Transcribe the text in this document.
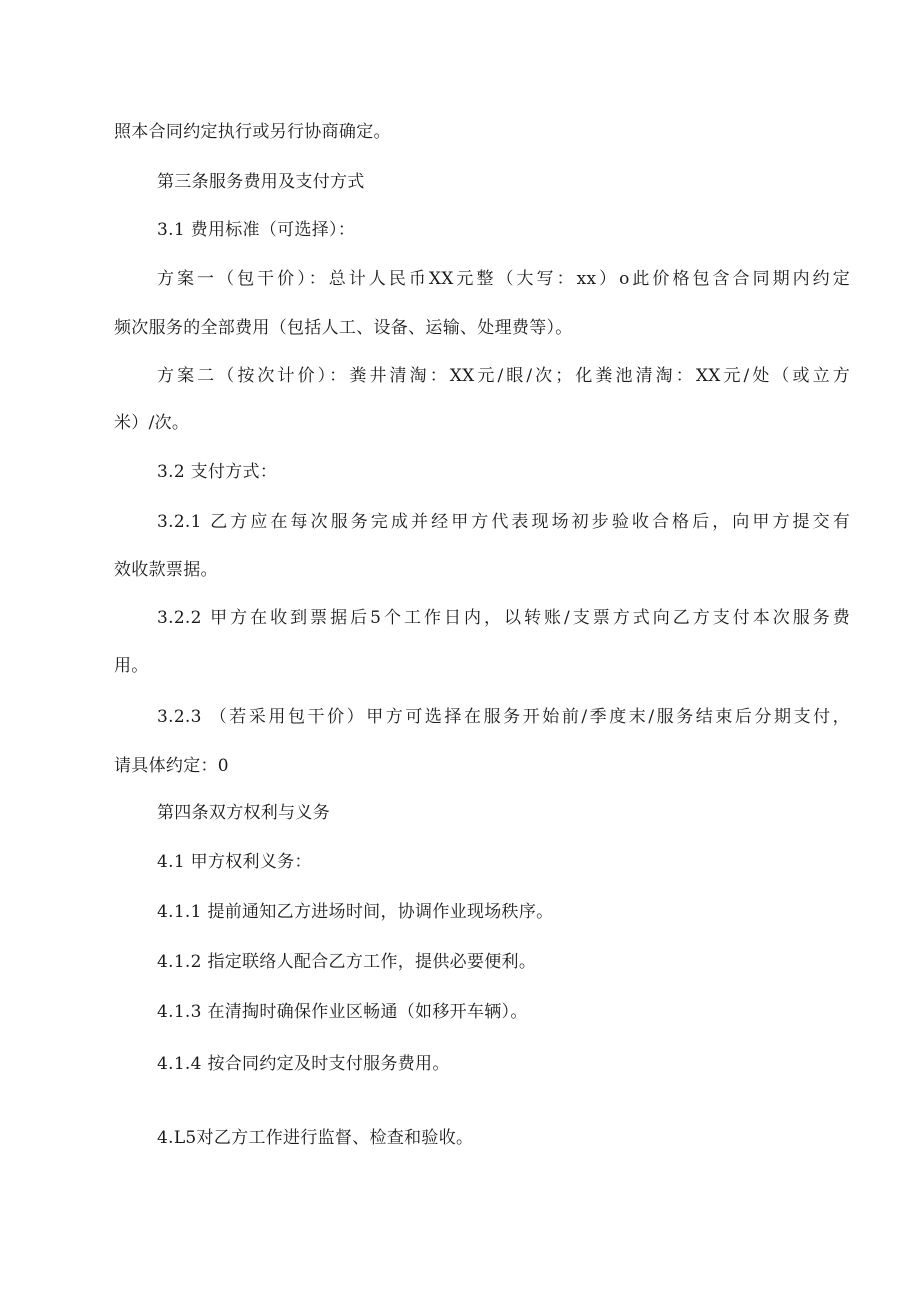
照本合同约定执行或另行协商确定。
第三条服务费用及支付方式
3.1 费用标准（可选择）：
方案一（包干价）：总计人民币XX元整（大写：xx）o此价格包含合同期内约定
频次服务的全部费用（包括人工、设备、运输、处理费等）。
方案二（按次计价）：粪井清淘：XX元/眼/次；化粪池清淘：XX元/处（或立方
米）/次。
3.2 支付方式：
3.2.1 乙方应在每次服务完成并经甲方代表现场初步验收合格后，向甲方提交有
效收款票据。
3.2.2 甲方在收到票据后5个工作日内，以转账/支票方式向乙方支付本次服务费
用。
3.2.3 （若采用包干价）甲方可选择在服务开始前/季度末/服务结束后分期支付，
请具体约定：0
第四条双方权利与义务
4.1 甲方权利义务：
4.1.1 提前通知乙方进场时间，协调作业现场秩序。
4.1.2 指定联络人配合乙方工作，提供必要便利。
4.1.3 在清掏时确保作业区畅通（如移开车辆）。
4.1.4 按合同约定及时支付服务费用。
4.L5对乙方工作进行监督、检查和验收。
